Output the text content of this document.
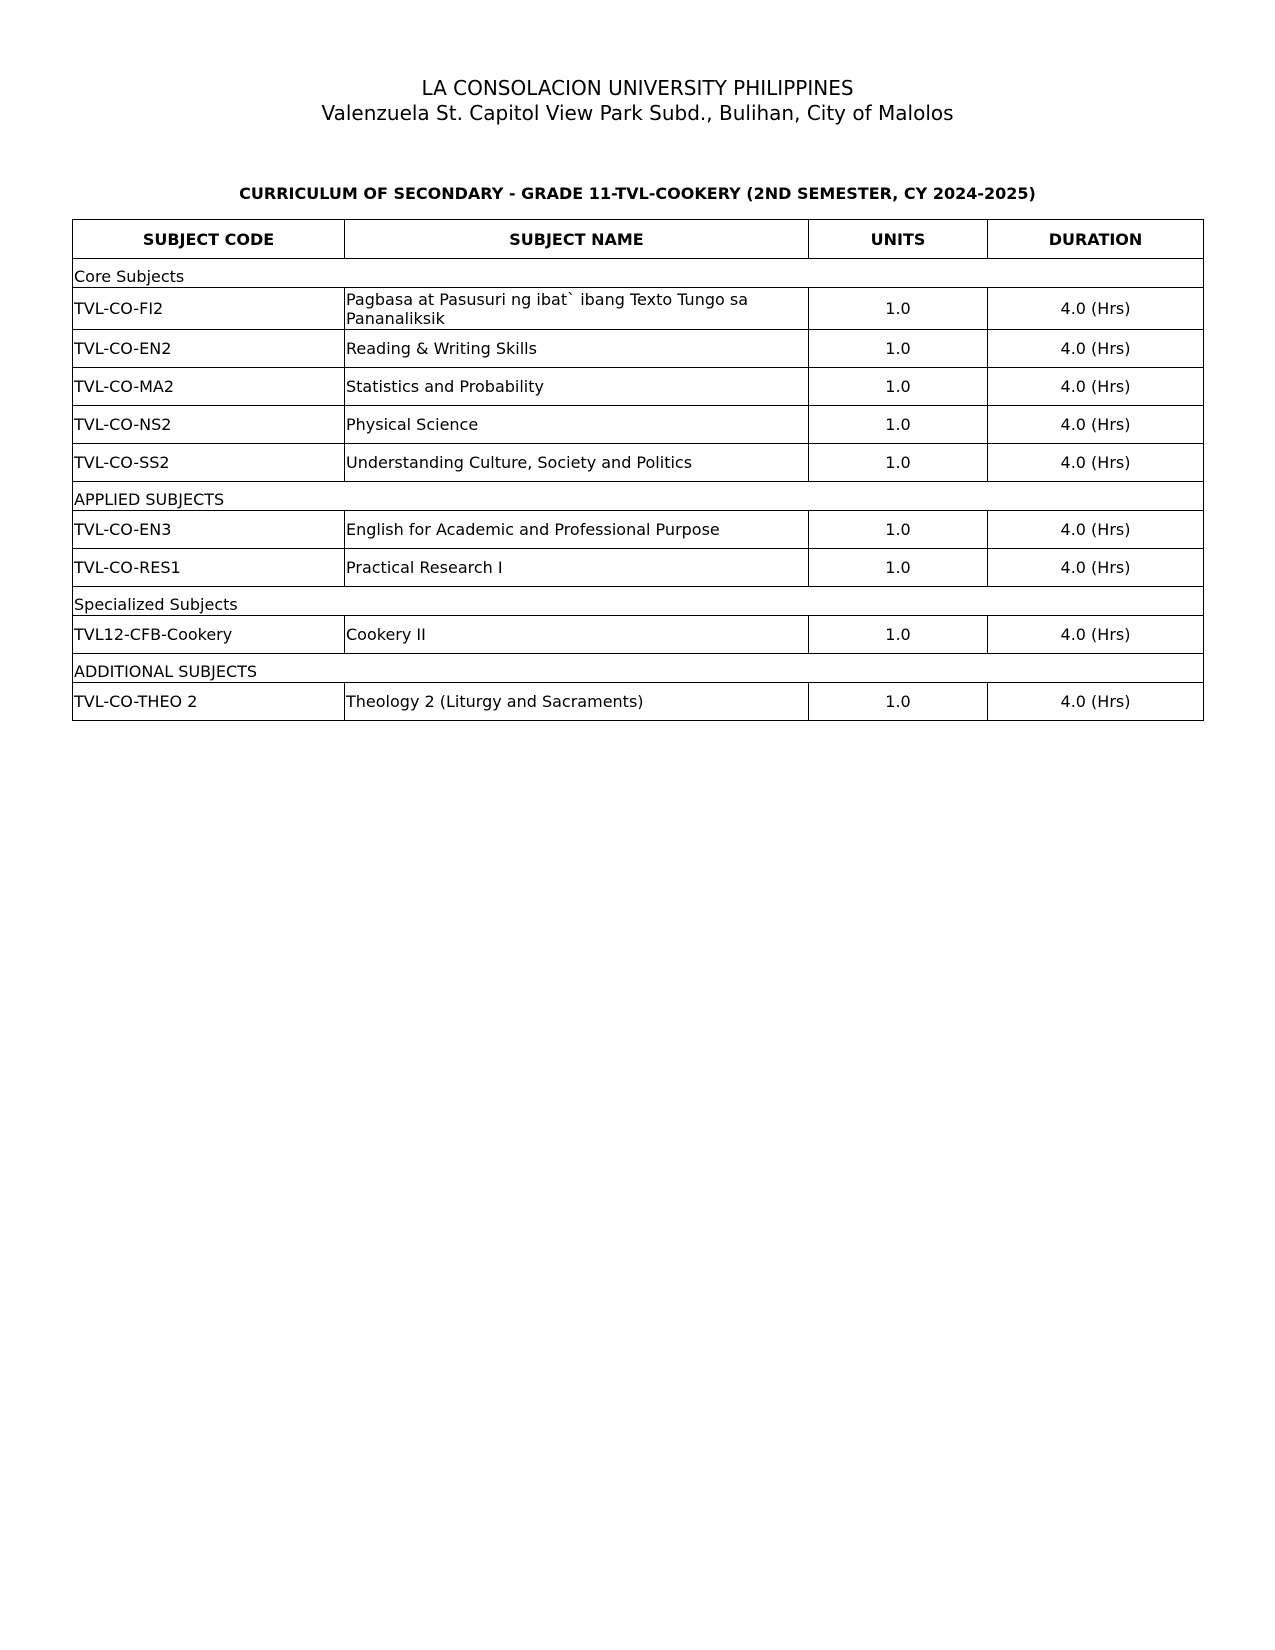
LA CONSOLACION UNIVERSITY PHILIPPINES
Valenzuela St. Capitol View Park Subd., Bulihan, City of Malolos
CURRICULUM OF SECONDARY - GRADE 11-TVL-COOKERY (2ND SEMESTER, CY 2024-2025)
SUBJECT CODE	SUBJECT NAME	UNITS	DURATION
Core Subjects			
TVL-CO-FI2	Pagbasa at Pasusuri ng ibat` ibang Texto Tungo sa Pananaliksik	1.0	4.0 (Hrs)
TVL-CO-EN2	Reading & Writing Skills	1.0	4.0 (Hrs)
TVL-CO-MA2	Statistics and Probability	1.0	4.0 (Hrs)
TVL-CO-NS2	Physical Science	1.0	4.0 (Hrs)
TVL-CO-SS2	Understanding Culture, Society and Politics	1.0	4.0 (Hrs)
APPLIED SUBJECTS			
TVL-CO-EN3	English for Academic and Professional Purpose	1.0	4.0 (Hrs)
TVL-CO-RES1	Practical Research I	1.0	4.0 (Hrs)
Specialized Subjects			
TVL12-CFB-Cookery	Cookery II	1.0	4.0 (Hrs)
ADDITIONAL SUBJECTS			
TVL-CO-THEO 2	Theology 2 (Liturgy and Sacraments)	1.0	4.0 (Hrs)
